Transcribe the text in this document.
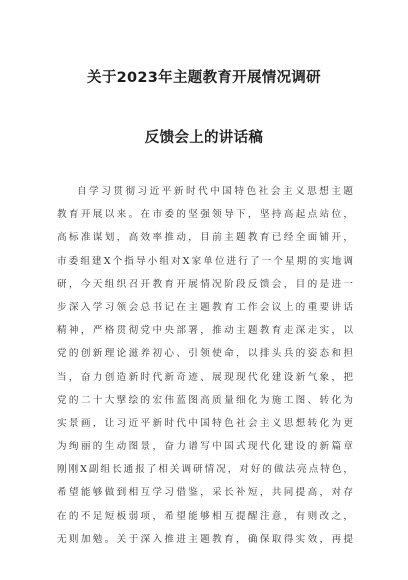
关于2023年主题教育开展情况调研
反馈会上的讲话稿
自学习贯彻习近平新时代中国特色社会主义思想主题
教育开展以来。在市委的坚强领导下，坚持高起点站位，
高标准谋划，高效率推动，目前主题教育已经全面铺开，
市委组建X个指导小组对X家单位进行了一个星期的实地调
研，今天组织召开教育开展情况阶段反馈会，目的是进一
步深入学习领会总书记在主题教育工作会议上的重要讲话
精神，严格贯彻党中央部署，推动主题教育走深走实，以
党的创新理论滋养初心、引领使命，以排头兵的姿态和担
当，奋力创造新时代新奇迹、展现现代化建设新气象，把
党的二十大擘绘的宏伟蓝图高质量细化为施工图、转化为
实景画，让习近平新时代中国特色社会主义思想转化为更
为绚丽的生动图景，奋力谱写中国式现代化建设的新篇章
刚刚X副组长通报了相关调研情况，对好的做法亮点特色，
希望能够做到相互学习借鉴，采长补短，共同提高，对存
在的不足短板弱项，希望能够相互提醒注意，有则改之，
无则加勉。关于深入推进主题教育，确保取得实效，再提
